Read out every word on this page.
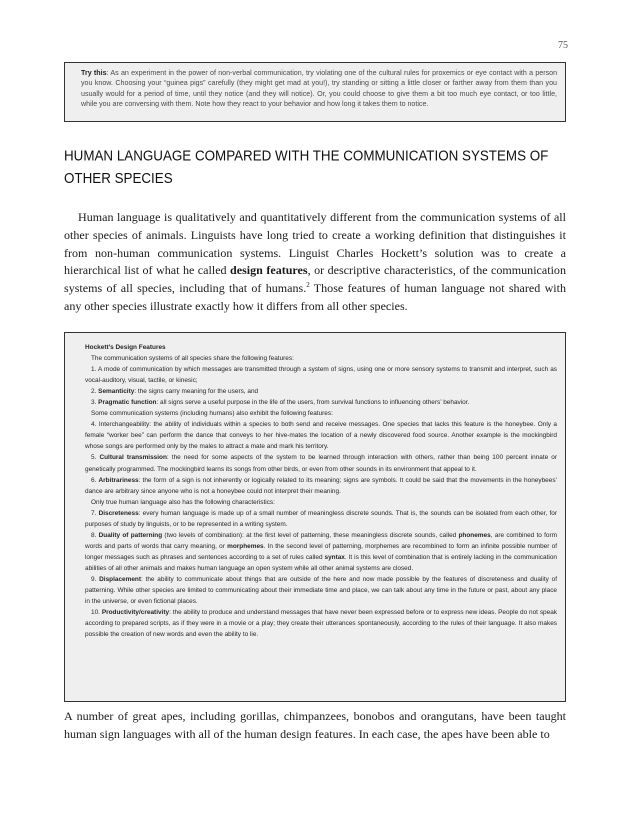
75
Try this: As an experiment in the power of non-verbal communication, try violating one of the cultural rules for proxemics or eye contact with a person you know. Choosing your “guinea pigs” carefully (they might get mad at you!), try standing or sitting a little closer or farther away from them than you usually would for a period of time, until they notice (and they will notice). Or, you could choose to give them a bit too much eye contact, or too little, while you are conversing with them. Note how they react to your behavior and how long it takes them to notice.
HUMAN LANGUAGE COMPARED WITH THE COMMUNICATION SYSTEMS OF OTHER SPECIES

Human language is qualitatively and quantitatively different from the communication systems of all other species of animals. Linguists have long tried to create a working definition that distinguishes it from non-human communication systems. Linguist Charles Hockett’s solution was to create a hierarchical list of what he called design features, or descriptive characteristics, of the communication systems of all species, including that of humans.$^2$ Those features of human language not shared with any other species illustrate exactly how it differs from all other species.

Hockett’s Design Features

The communication systems of all species share the following features:

1. A mode of communication by which messages are transmitted through a system of signs, using one or more sensory systems to transmit and interpret, such as vocal-auditory, visual, tactile, or kinesic;

2. Semanticity: the signs carry meaning for the users, and

3. Pragmatic function: all signs serve a useful purpose in the life of the users, from survival functions to influencing others’ behavior.

Some communication systems (including humans) also exhibit the following features:

4. Interchangeability: the ability of individuals within a species to both send and receive messages. One species that lacks this feature is the honeybee. Only a female “worker bee” can perform the dance that conveys to her hive-mates the location of a newly discovered food source. Another example is the mockingbird whose songs are performed only by the males to attract a mate and mark his territory.

5. Cultural transmission: the need for some aspects of the system to be learned through interaction with others, rather than being 100 percent innate or genetically programmed. The mockingbird learns its songs from other birds, or even from other sounds in its environment that appeal to it.

6. Arbitrariness: the form of a sign is not inherently or logically related to its meaning; signs are symbols. It could be said that the movements in the honeybees’ dance are arbitrary since anyone who is not a honeybee could not interpret their meaning.

Only true human language also has the following characteristics:

7. Discreteness: every human language is made up of a small number of meaningless discrete sounds. That is, the sounds can be isolated from each other, for purposes of study by linguists, or to be represented in a writing system.

8. Duality of patterning (two levels of combination): at the first level of patterning, these meaningless discrete sounds, called phonemes, are combined to form words and parts of words that carry meaning, or morphemes. In the second level of patterning, morphemes are recombined to form an infinite possible number of longer messages such as phrases and sentences according to a set of rules called syntax. It is this level of combination that is entirely lacking in the communication abilities of all other animals and makes human language an open system while all other animal systems are closed.

9. Displacement: the ability to communicate about things that are outside of the here and now made possible by the features of discreteness and duality of patterning. While other species are limited to communicating about their immediate time and place, we can talk about any time in the future or past, about any place in the universe, or even fictional places.

10. Productivity/creativity: the ability to produce and understand messages that have never been expressed before or to express new ideas. People do not speak according to prepared scripts, as if they were in a movie or a play; they create their utterances spontaneously, according to the rules of their language. It also makes possible the creation of new words and even the ability to lie.

A number of great apes, including gorillas, chimpanzees, bonobos and orangutans, have been taught human sign languages with all of the human design features. In each case, the apes have been able to
